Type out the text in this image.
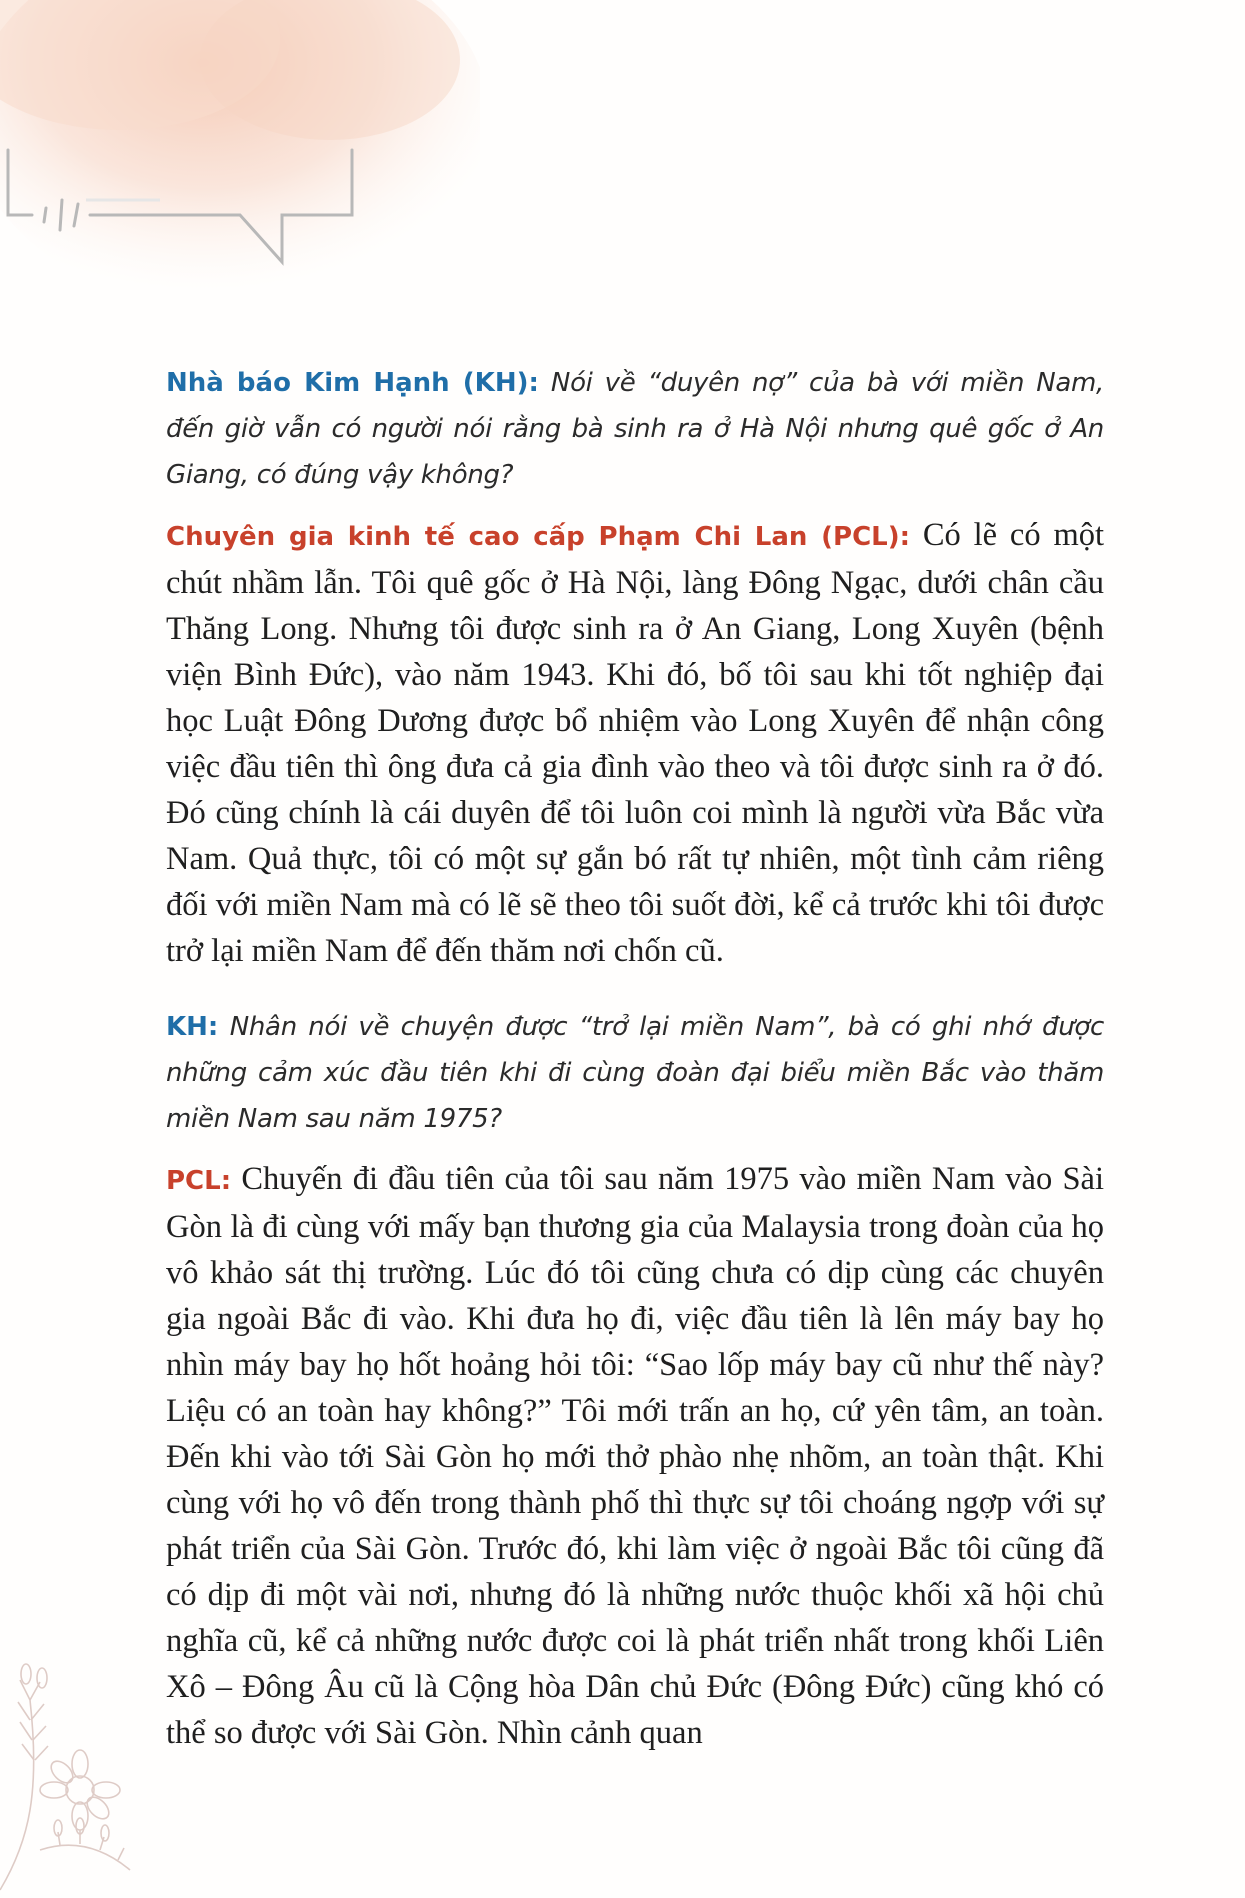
Nhà báo Kim Hạnh (KH): Nói về “duyên nợ” của bà với miền Nam, đến giờ vẫn có người nói rằng bà sinh ra ở Hà Nội nhưng quê gốc ở An Giang, có đúng vậy không?

Chuyên gia kinh tế cao cấp Phạm Chi Lan (PCL): Có lẽ có một chút nhầm lẫn. Tôi quê gốc ở Hà Nội, làng Đông Ngạc, dưới chân cầu Thăng Long. Nhưng tôi được sinh ra ở An Giang, Long Xuyên (bệnh viện Bình Đức), vào năm 1943. Khi đó, bố tôi sau khi tốt nghiệp đại học Luật Đông Dương được bổ nhiệm vào Long Xuyên để nhận công việc đầu tiên thì ông đưa cả gia đình vào theo và tôi được sinh ra ở đó. Đó cũng chính là cái duyên để tôi luôn coi mình là người vừa Bắc vừa Nam. Quả thực, tôi có một sự gắn bó rất tự nhiên, một tình cảm riêng đối với miền Nam mà có lẽ sẽ theo tôi suốt đời, kể cả trước khi tôi được trở lại miền Nam để đến thăm nơi chốn cũ.

KH: Nhân nói về chuyện được “trở lại miền Nam”, bà có ghi nhớ được những cảm xúc đầu tiên khi đi cùng đoàn đại biểu miền Bắc vào thăm miền Nam sau năm 1975?

PCL: Chuyến đi đầu tiên của tôi sau năm 1975 vào miền Nam vào Sài Gòn là đi cùng với mấy bạn thương gia của Malaysia trong đoàn của họ vô khảo sát thị trường. Lúc đó tôi cũng chưa có dịp cùng các chuyên gia ngoài Bắc đi vào. Khi đưa họ đi, việc đầu tiên là lên máy bay họ nhìn máy bay họ hốt hoảng hỏi tôi: “Sao lốp máy bay cũ như thế này? Liệu có an toàn hay không?” Tôi mới trấn an họ, cứ yên tâm, an toàn. Đến khi vào tới Sài Gòn họ mới thở phào nhẹ nhõm, an toàn thật. Khi cùng với họ vô đến trong thành phố thì thực sự tôi choáng ngợp với sự phát triển của Sài Gòn. Trước đó, khi làm việc ở ngoài Bắc tôi cũng đã có dịp đi một vài nơi, nhưng đó là những nước thuộc khối xã hội chủ nghĩa cũ, kể cả những nước được coi là phát triển nhất trong khối Liên Xô – Đông Âu cũ là Cộng hòa Dân chủ Đức (Đông Đức) cũng khó có thể so được với Sài Gòn. Nhìn cảnh quan
